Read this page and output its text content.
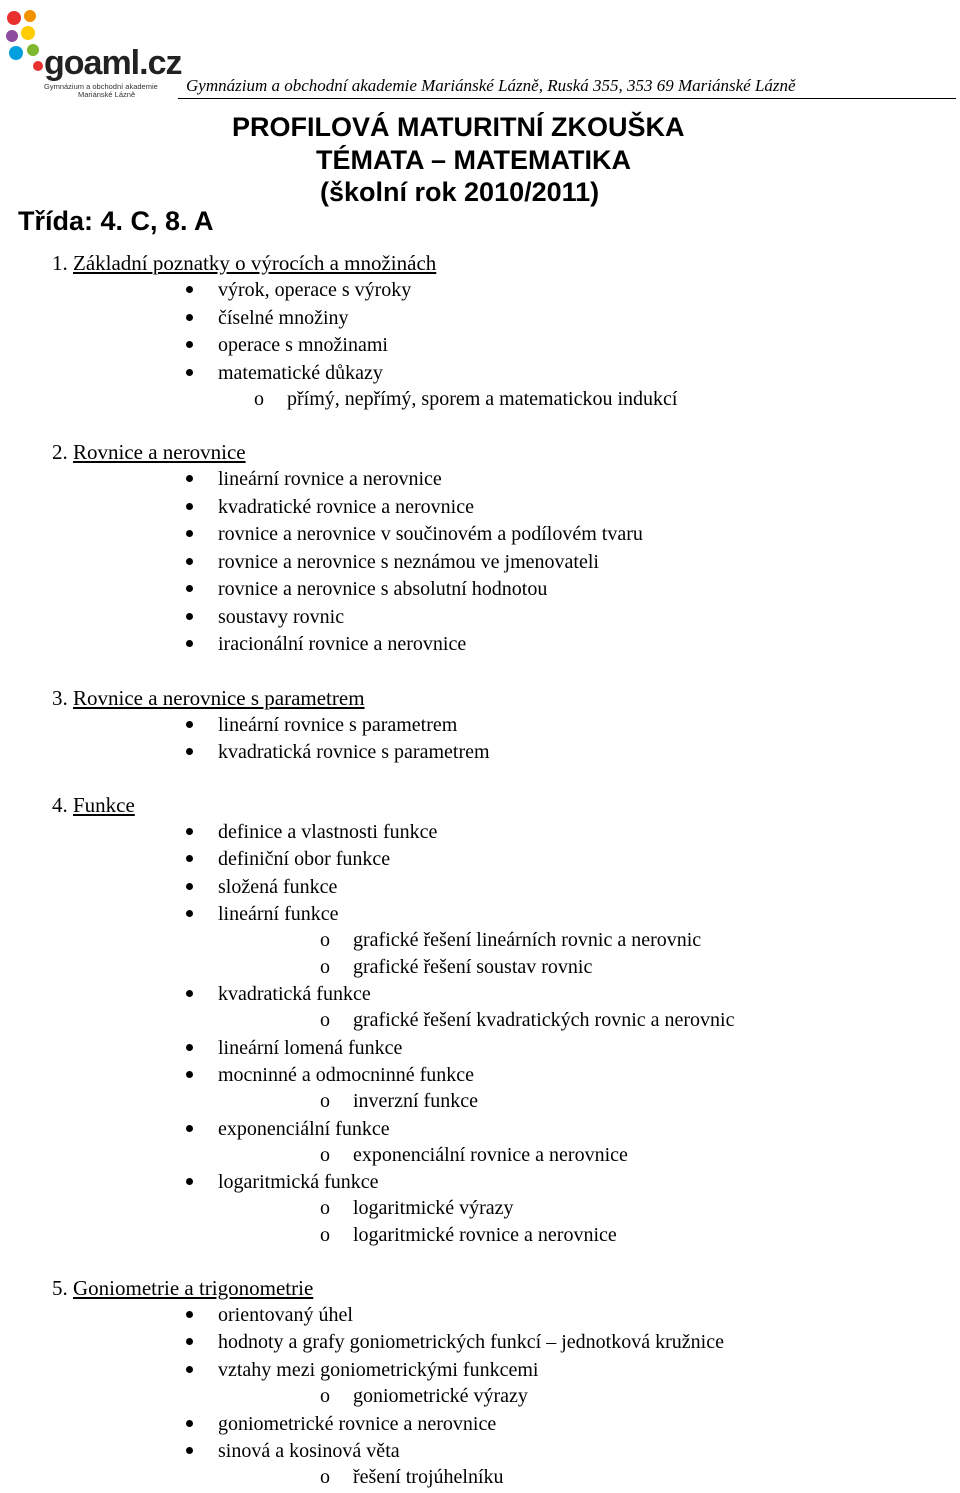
goaml.cz
Gymnázium a obchodní akademie
Mariánské Lázně	Gymnázium a obchodní akademie Mariánské Lázně, Ruská 355, 353 69 Mariánské Lázně
PROFILOVÁ MATURITNÍ ZKOUŠKA
TÉMATA – MATEMATIKA
(školní rok 2010/2011)
Třída: 4. C, 8. A
1. Základní poznatky o výrocích a množinách
výrok, operace s výroky
číselné množiny
operace s množinami
matematické důkazy
o přímý, nepřímý, sporem a matematickou indukcí
2. Rovnice a nerovnice
lineární rovnice a nerovnice
kvadratické rovnice a nerovnice
rovnice a nerovnice v součinovém a podílovém tvaru
rovnice a nerovnice s neznámou ve jmenovateli
rovnice a nerovnice s absolutní hodnotou
soustavy rovnic
iracionální rovnice a nerovnice
3. Rovnice a nerovnice s parametrem
lineární rovnice s parametrem
kvadratická rovnice s parametrem
4. Funkce
definice a vlastnosti funkce
definiční obor funkce
složená funkce
lineární funkce
o grafické řešení lineárních rovnic a nerovnic
o grafické řešení soustav rovnic
kvadratická funkce
o grafické řešení kvadratických rovnic a nerovnic
lineární lomená funkce
mocninné a odmocninné funkce
o inverzní funkce
exponenciální funkce
o exponenciální rovnice a nerovnice
logaritmická funkce
o logaritmické výrazy
o logaritmické rovnice a nerovnice
5. Goniometrie a trigonometrie
orientovaný úhel
hodnoty a grafy goniometrických funkcí – jednotková kružnice
vztahy mezi goniometrickými funkcemi
o goniometrické výrazy
goniometrické rovnice a nerovnice
sinová a kosinová věta
o řešení trojúhelníku
